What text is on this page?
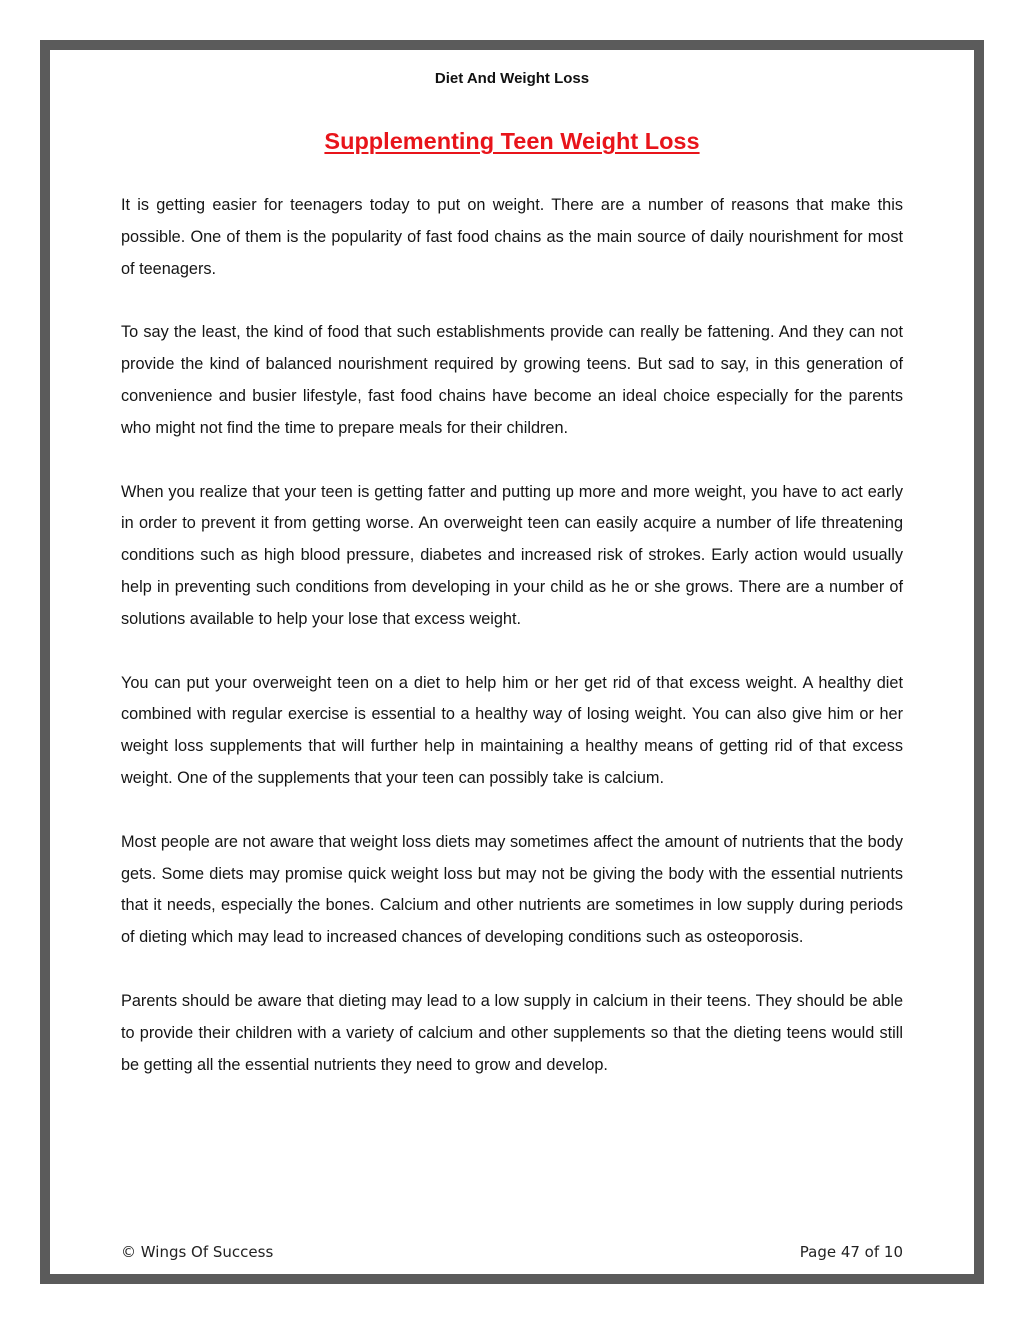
Diet And Weight Loss
Supplementing Teen Weight Loss

It is getting easier for teenagers today to put on weight. There are a number of reasons that make this possible. One of them is the popularity of fast food chains as the main source of daily nourishment for most of teenagers.

To say the least, the kind of food that such establishments provide can really be fattening. And they can not provide the kind of balanced nourishment required by growing teens. But sad to say, in this generation of convenience and busier lifestyle, fast food chains have become an ideal choice especially for the parents who might not find the time to prepare meals for their children.

When you realize that your teen is getting fatter and putting up more and more weight, you have to act early in order to prevent it from getting worse. An overweight teen can easily acquire a number of life threatening conditions such as high blood pressure, diabetes and increased risk of strokes. Early action would usually help in preventing such conditions from developing in your child as he or she grows. There are a number of solutions available to help your lose that excess weight.

You can put your overweight teen on a diet to help him or her get rid of that excess weight. A healthy diet combined with regular exercise is essential to a healthy way of losing weight. You can also give him or her weight loss supplements that will further help in maintaining a healthy means of getting rid of that excess weight. One of the supplements that your teen can possibly take is calcium.

Most people are not aware that weight loss diets may sometimes affect the amount of nutrients that the body gets. Some diets may promise quick weight loss but may not be giving the body with the essential nutrients that it needs, especially the bones. Calcium and other nutrients are sometimes in low supply during periods of dieting which may lead to increased chances of developing conditions such as osteoporosis.

Parents should be aware that dieting may lead to a low supply in calcium in their teens. They should be able to provide their children with a variety of calcium and other supplements so that the dieting teens would still be getting all the essential nutrients they need to grow and develop.

© Wings Of Success	Page 47 of 10
